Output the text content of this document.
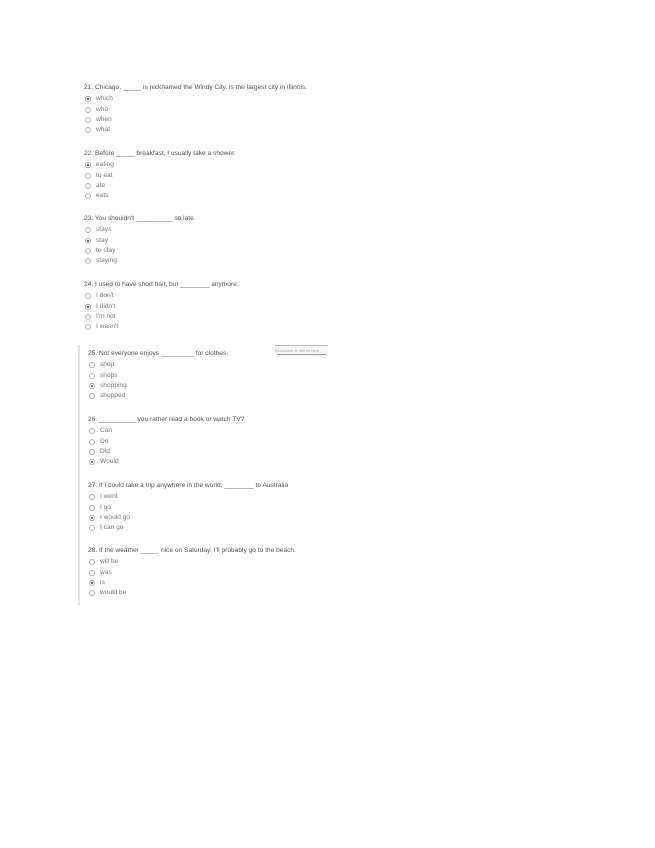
Remember to ask for help
21. Chicago, _____ is nicknamed the Windy City, is the largest city in Illinois.
which
who
when
what
22. Before _____ breakfast, I usually take a shower.
eating
to eat
ate
eats
23. You shouldn't __________ so late.
stays
stay
to stay
staying
24. I used to have short hair, but ________ anymore.
I don't
I didn't
I'm not
I wasn't
25. Not everyone enjoys _________ for clothes.
shop
shops
shopping
shopped
26. __________ you rather read a book or watch TV?
Can
Do
Did
Would
27. If I could take a trip anywhere in the world, ________ to Australia
I went
I go
I would go
I can go
28. If the weather _____ nice on Saturday, I'll probably go to the beach.
will be
was
is
would be
